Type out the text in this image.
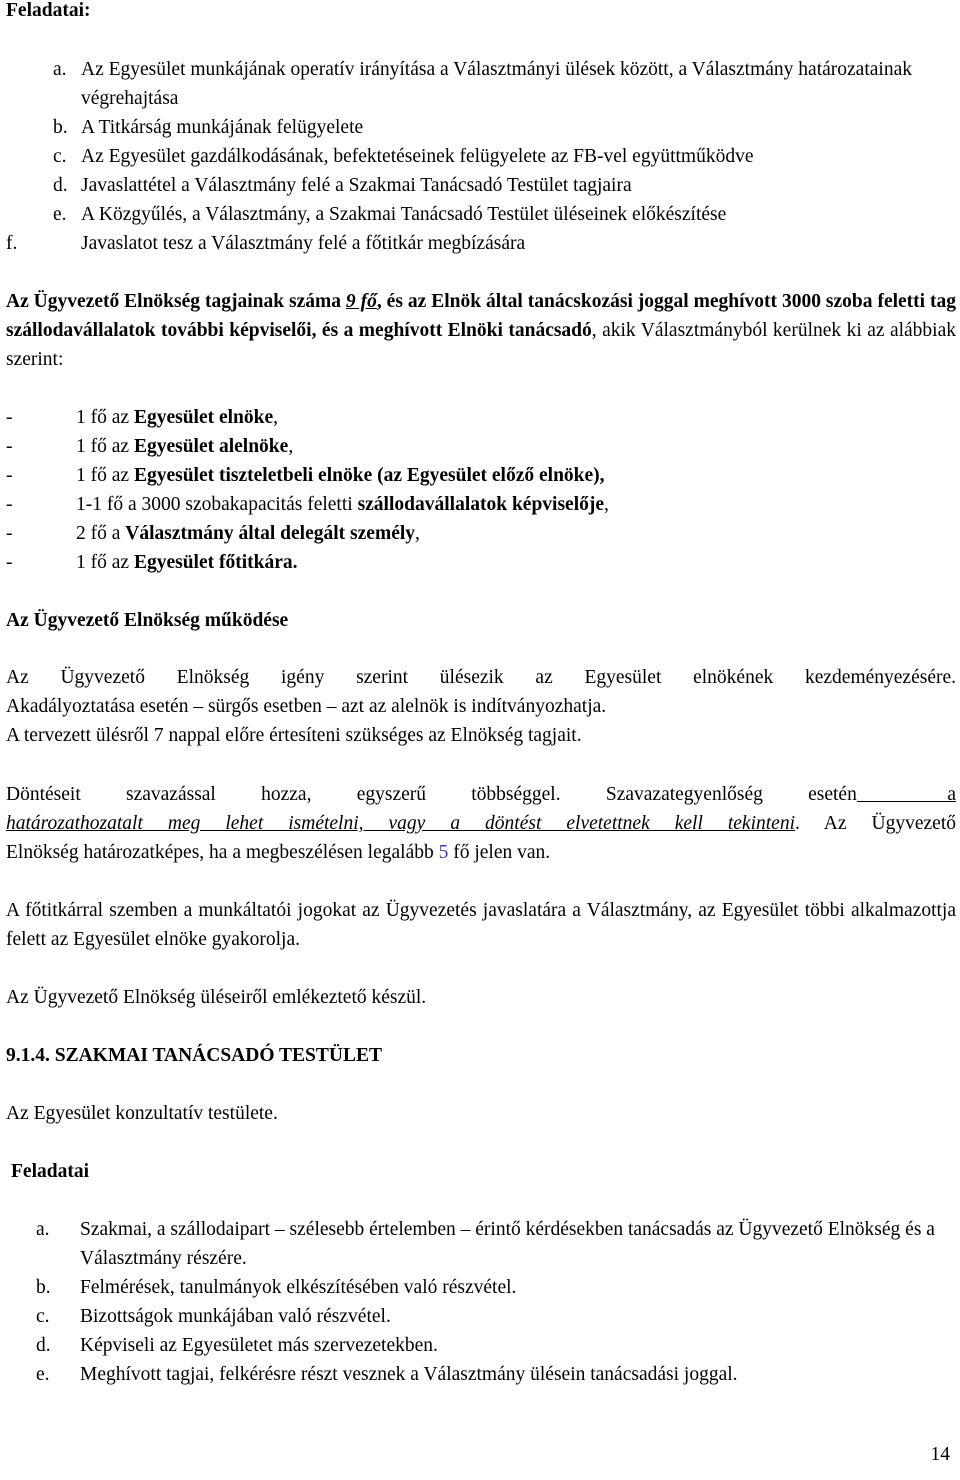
Feladatai:
a. Az Egyesület munkájának operatív irányítása a Választmányi ülések között, a Választmány határozatainak végrehajtása
b. A Titkárság munkájának felügyelete
c. Az Egyesület gazdálkodásának, befektetéseinek felügyelete az FB-vel együttműködve
d. Javaslattétel a Választmány felé a Szakmai Tanácsadó Testület tagjaira
e. A Közgyűlés, a Választmány, a Szakmai Tanácsadó Testület üléseinek előkészítése
f.	Javaslatot tesz a Választmány felé a főtitkár megbízására

Az Ügyvezető Elnökség tagjainak száma 9 fő, és az Elnök által tanácskozási joggal meghívott 3000 szoba feletti tag szállodavállalatok további képviselői, és a meghívott Elnöki tanácsadó, akik Választmányból kerülnek ki az alábbiak szerint:

-	1 fő az Egyesület elnöke,
-	1 fő az Egyesület alelnöke,
-	1 fő az Egyesület tiszteletbeli elnöke (az Egyesület előző elnöke),
-	1-1 fő a 3000 szobakapacitás feletti szállodavállalatok képviselője,
-	2 fő a Választmány által delegált személy,
-	1 fő az Egyesület főtitkára.
Az Ügyvezető Elnökség működése

Az Ügyvezető Elnökség igény szerint ülésezik az Egyesület elnökének kezdeményezésére.

Akadályoztatása esetén – sürgős esetben – azt az alelnök is indítványozhatja.

A tervezett ülésről 7 nappal előre értesíteni szükséges az Elnökség tagjait.

Döntéseit szavazással hozza, egyszerű többséggel. Szavazategyenlőség esetén  a

határozathozatalt meg lehet ismételni, vagy a döntést elvetettnek kell tekinteni. Az Ügyvezető

Elnökség határozatképes, ha a megbeszélésen legalább 5 fő jelen van.

A főtitkárral szemben a munkáltatói jogokat az Ügyvezetés javaslatára a Választmány, az Egyesület többi alkalmazottja felett az Egyesület elnöke gyakorolja.

Az Ügyvezető Elnökség üléseiről emlékeztető készül.

9.1.4. SZAKMAI TANÁCSADÓ TESTÜLET

Az Egyesület konzultatív testülete.

Feladatai
a. Szakmai, a szállodaipart – szélesebb értelemben – érintő kérdésekben tanácsadás az Ügyvezető Elnökség és a Választmány részére.
b. Felmérések, tanulmányok elkészítésében való részvétel.
c. Bizottságok munkájában való részvétel.
d. Képviseli az Egyesületet más szervezetekben.
e. Meghívott tagjai, felkérésre részt vesznek a Választmány ülésein tanácsadási joggal.
14
